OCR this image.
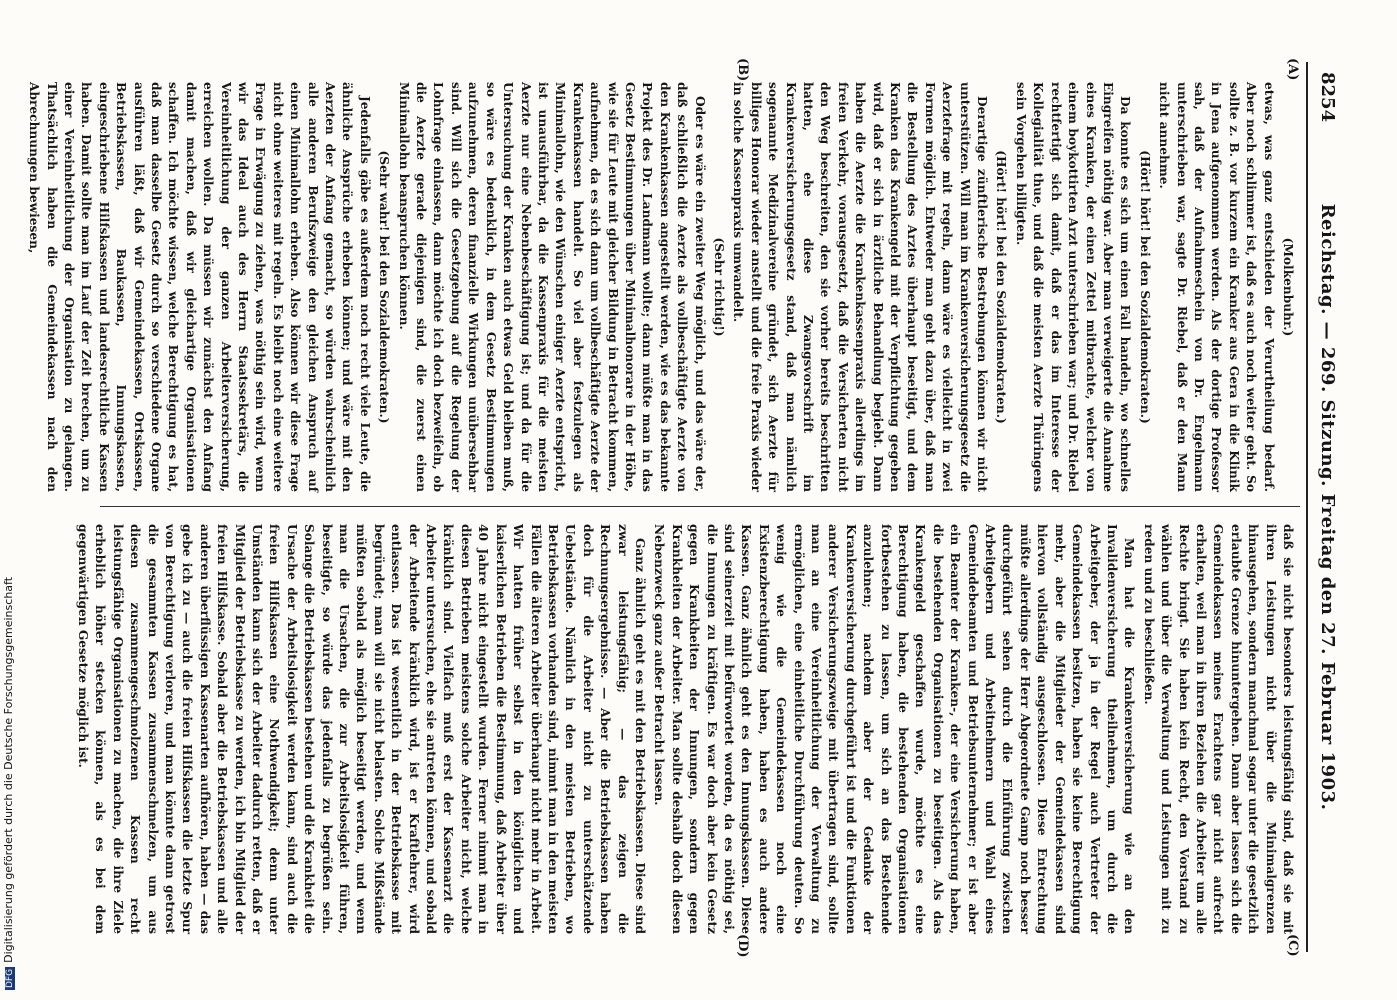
8254
Reichstag. — 269. Sitzung. Freitag den 27. Februar 1903.
(A)
(B)
(C)
(D)

(Molkenbuhr.)

etwas, was ganz entschieden der Verurtheilung bedarf. Aber noch schlimmer ist, daß es auch noch weiter geht. So sollte z. B. vor kurzem ein Kranker aus Gera in die Klinik in Jena aufgenommen werden. Als der dortige Professor sah, daß der Aufnahmeschein von Dr. Engelmann unterschrieben war, sagte Dr. Riebel, daß er den Mann nicht annehme.

(Hört! hört! bei den Sozialdemokraten.)

Da konnte es sich um einen Fall handeln, wo schnelles Eingreifen nöthig war. Aber man verweigerte die Annahme eines Kranken, der einen Zettel mitbrachte, welcher von einem boykottirten Arzt unterschrieben war; und Dr. Riebel rechtfertigt sich damit, daß er das im Interesse der Kollegialität thue, und daß die meisten Aerzte Thüringens sein Vorgehen billigten.

(Hört! hört! bei den Sozialdemokraten.)

Derartige zünftlerische Bestrebungen können wir nicht unterstützen. Will man im Krankenversicherungsgesetz die Aerztefrage mit regeln, dann wäre es vielleicht in zwei Formen möglich. Entweder man geht dazu über, daß man die Bestellung des Arztes überhaupt beseitigt, und dem Kranken das Krankengeld mit der Verpflichtung gegeben wird, daß er sich in ärztliche Behandlung begiebt. Dann haben die Aerzte die Krankenkassenpraxis allerdings im freien Verkehr, vorausgesetzt, daß die Versicherten nicht den Weg beschreiten, den sie vorher bereits beschritten hatten, ehe diese Zwangsvorschrift im Krankenversicherungsgesetz stand, daß man nämlich sogenannte Medizinalvereine gründet, sich Aerzte für billiges Honorar wieder anstellt und die freie Praxis wieder in solche Kassenpraxis umwandelt.

(Sehr richtig!)

Oder es wäre ein zweiter Weg möglich, und das wäre der, daß schließlich die Aerzte als vollbeschäftigte Aerzte von den Krankenkassen angestellt werden, wie es das bekannte Projekt des Dr. Landmann wollte; dann müßte man in das Gesetz Bestimmungen über Minimalhonorare in der Höhe, wie sie für Leute mit gleicher Bildung in Betracht kommen, aufnehmen, da es sich dann um vollbeschäftigte Aerzte der Krankenkassen handelt. So viel aber festzulegen als Minimallohn, wie den Wünschen einiger Aerzte entspricht, ist unausführbar, da die Kassenpraxis für die meisten Aerzte nur eine Nebenbeschäftigung ist; und da für die Untersuchung der Kranken auch etwas Geld bleiben muß, so wäre es bedenklich, in dem Gesetz Bestimmungen aufzunehmen, deren finanzielle Wirkungen unübersehbar sind. Will sich die Gesetzgebung auf die Regelung der Lohnfrage einlassen, dann möchte ich doch bezweifeln, ob die Aerzte gerade diejenigen sind, die zuerst einen Minimallohn beanspruchen können.

(Sehr wahr! bei den Sozialdemokraten.)

Jedenfalls gäbe es außerdem noch recht viele Leute, die ähnliche Ansprüche erheben können; und wäre mit den Aerzten der Anfang gemacht, so würden wahrscheinlich alle anderen Berufszweige den gleichen Anspruch auf einen Minimallohn erheben. Also können wir diese Frage nicht ohne weiteres mit regeln. Es bleibt noch eine weitere Frage in Erwägung zu ziehen, was nöthig sein wird, wenn wir das Ideal auch des Herrn Staatssekretärs, die Vereinheitlichung der ganzen Arbeiterversicherung, erreichen wollen. Da müssen wir zunächst den Anfang damit machen, daß wir gleichartige Organisationen schaffen. Ich möchte wissen, welche Berechtigung es hat, daß man dasselbe Gesetz durch so verschiedene Organe ausführen läßt, daß wir Gemeindekassen, Ortskassen, Betriebskassen, Baukassen, Innungskassen, eingeschriebene Hilfskassen und landesrechtliche Kassen haben. Damit sollte man im Lauf der Zeit brechen, um zu einer Vereinheitlichung der Organisation zu gelangen. Thatsächlich haben die Gemeindekassen nach den Abrechnungen bewiesen,

daß sie nicht besonders leistungsfähig sind, daß sie mit ihren Leistungen nicht über die Minimalgrenzen hinausgehen, sondern manchmal sogar unter die gesetzlich erlaubte Grenze hinuntergehen. Dann aber lassen sich die Gemeindekassen meines Erachtens gar nicht aufrecht erhalten, weil man in ihren Beziehen die Arbeiter um alle Rechte bringt. Sie haben kein Recht, den Vorstand zu wählen und über die Verwaltung und Leistungen mit zu reden und zu beschließen.

Man hat die Krankenversicherung wie an den Invalidenversicherung theilnehmen, um durch die Arbeitgeber, der ja in der Regel auch Vertreter der Gemeindekassen besitzen, haben sie keine Berechtigung mehr, aber die Mitglieder der Gemeindekassen sind hiervon vollständig ausgeschlossen. Diese Entrechtung müßte allerdings der Herr Abgeordnete Gamp noch besser durchgeführt sehen durch die Einführung zwischen Arbeitgebern und Arbeitnehmern und Wahl eines Gemeindebeamten und Betriebsunternehmer; er ist aber ein Beamter der Kranken-, der eine Versicherung haben, die bestehenden Organisationen zu beseitigen. Als das Krankengeld geschaffen wurde, möchte es eine Berechtigung haben, die bestehenden Organisationen fortbestehen zu lassen, um sich an das Bestehende anzulehnen; nachdem aber der Gedanke der Krankenversicherung durchgeführt ist und die Funktionen anderer Versicherungszweige mit übertragen sind, sollte man an eine Vereinheitlichung der Verwaltung zu ermöglichen, eine einheitliche Durchführung deuten. So wenig wie die Gemeindekassen noch eine Existenzberechtigung haben, haben es auch andere Kassen. Ganz ähnlich geht es den Innungskassen. Diese sind seinerzeit mit befürwortet worden, da es nöthig sei, die Innungen zu kräftigen. Es war doch aber kein Gesetz gegen Krankheiten der Innungen, sondern gegen Krankheiten der Arbeiter. Man sollte deshalb doch diesen Nebenzweck ganz außer Betracht lassen.

Ganz ähnlich geht es mit den Betriebskassen. Diese sind zwar leistungsfähig; — das zeigen die Rechnungsergebnisse. — Aber die Betriebskassen haben doch für die Arbeiter nicht zu unterschätzende Uebelstände. Nämlich in den meisten Betrieben, wo Betriebskassen vorhanden sind, nimmt man in den meisten Fällen die älteren Arbeiter überhaupt nicht mehr in Arbeit. Wir hatten früher selbst in den königlichen und kaiserlichen Betrieben die Bestimmung, daß Arbeiter über 40 Jahre nicht eingestellt wurden. Ferner nimmt man in diesen Betrieben meistens solche Arbeiter nicht, welche kränklich sind. Vielfach muß erst der Kassenarzt die Arbeiter untersuchen, ehe sie antreten können, und sobald der Arbeitende kränklich wird, ist er Kraftlehrer, wird entlassen. Das ist wesentlich in der Betriebskasse mit begründet; man will sie nicht belasten. Solche Mißstände müßten sobald als möglich beseitigt werden, und wenn man die Ursachen, die zur Arbeitslosigkeit führen, beseitigte, so würde das jedenfalls zu begrüßen sein. Solange die Betriebskassen bestehen und die Krankheit die Ursache der Arbeitslosigkeit werden kann, sind auch die freien Hilfskassen eine Nothwendigkeit; denn unter Umständen kann sich der Arbeiter dadurch retten, daß er Mitglied der Betriebskasse zu werden, ich bin Mitglied der freien Hilfskasse. Sobald aber die Betriebskassen und alle anderen überflüssigen Kassenarten aufhören, haben — das gebe ich zu — auch die freien Hilfskassen die letzte Spur von Berechtigung verloren, und man könnte dann getrost die gesammten Kassen zusammenschmelzen, um aus diesen zusammengeschmolzenen Kassen recht leistungsfähige Organisationen zu machen, die ihre Ziele erheblich höher stecken können, als es bei dem gegenwärtigen Gesetze möglich ist.

DFGDigitalisierung gefördert durch die Deutsche Forschungsgemeinschaft
